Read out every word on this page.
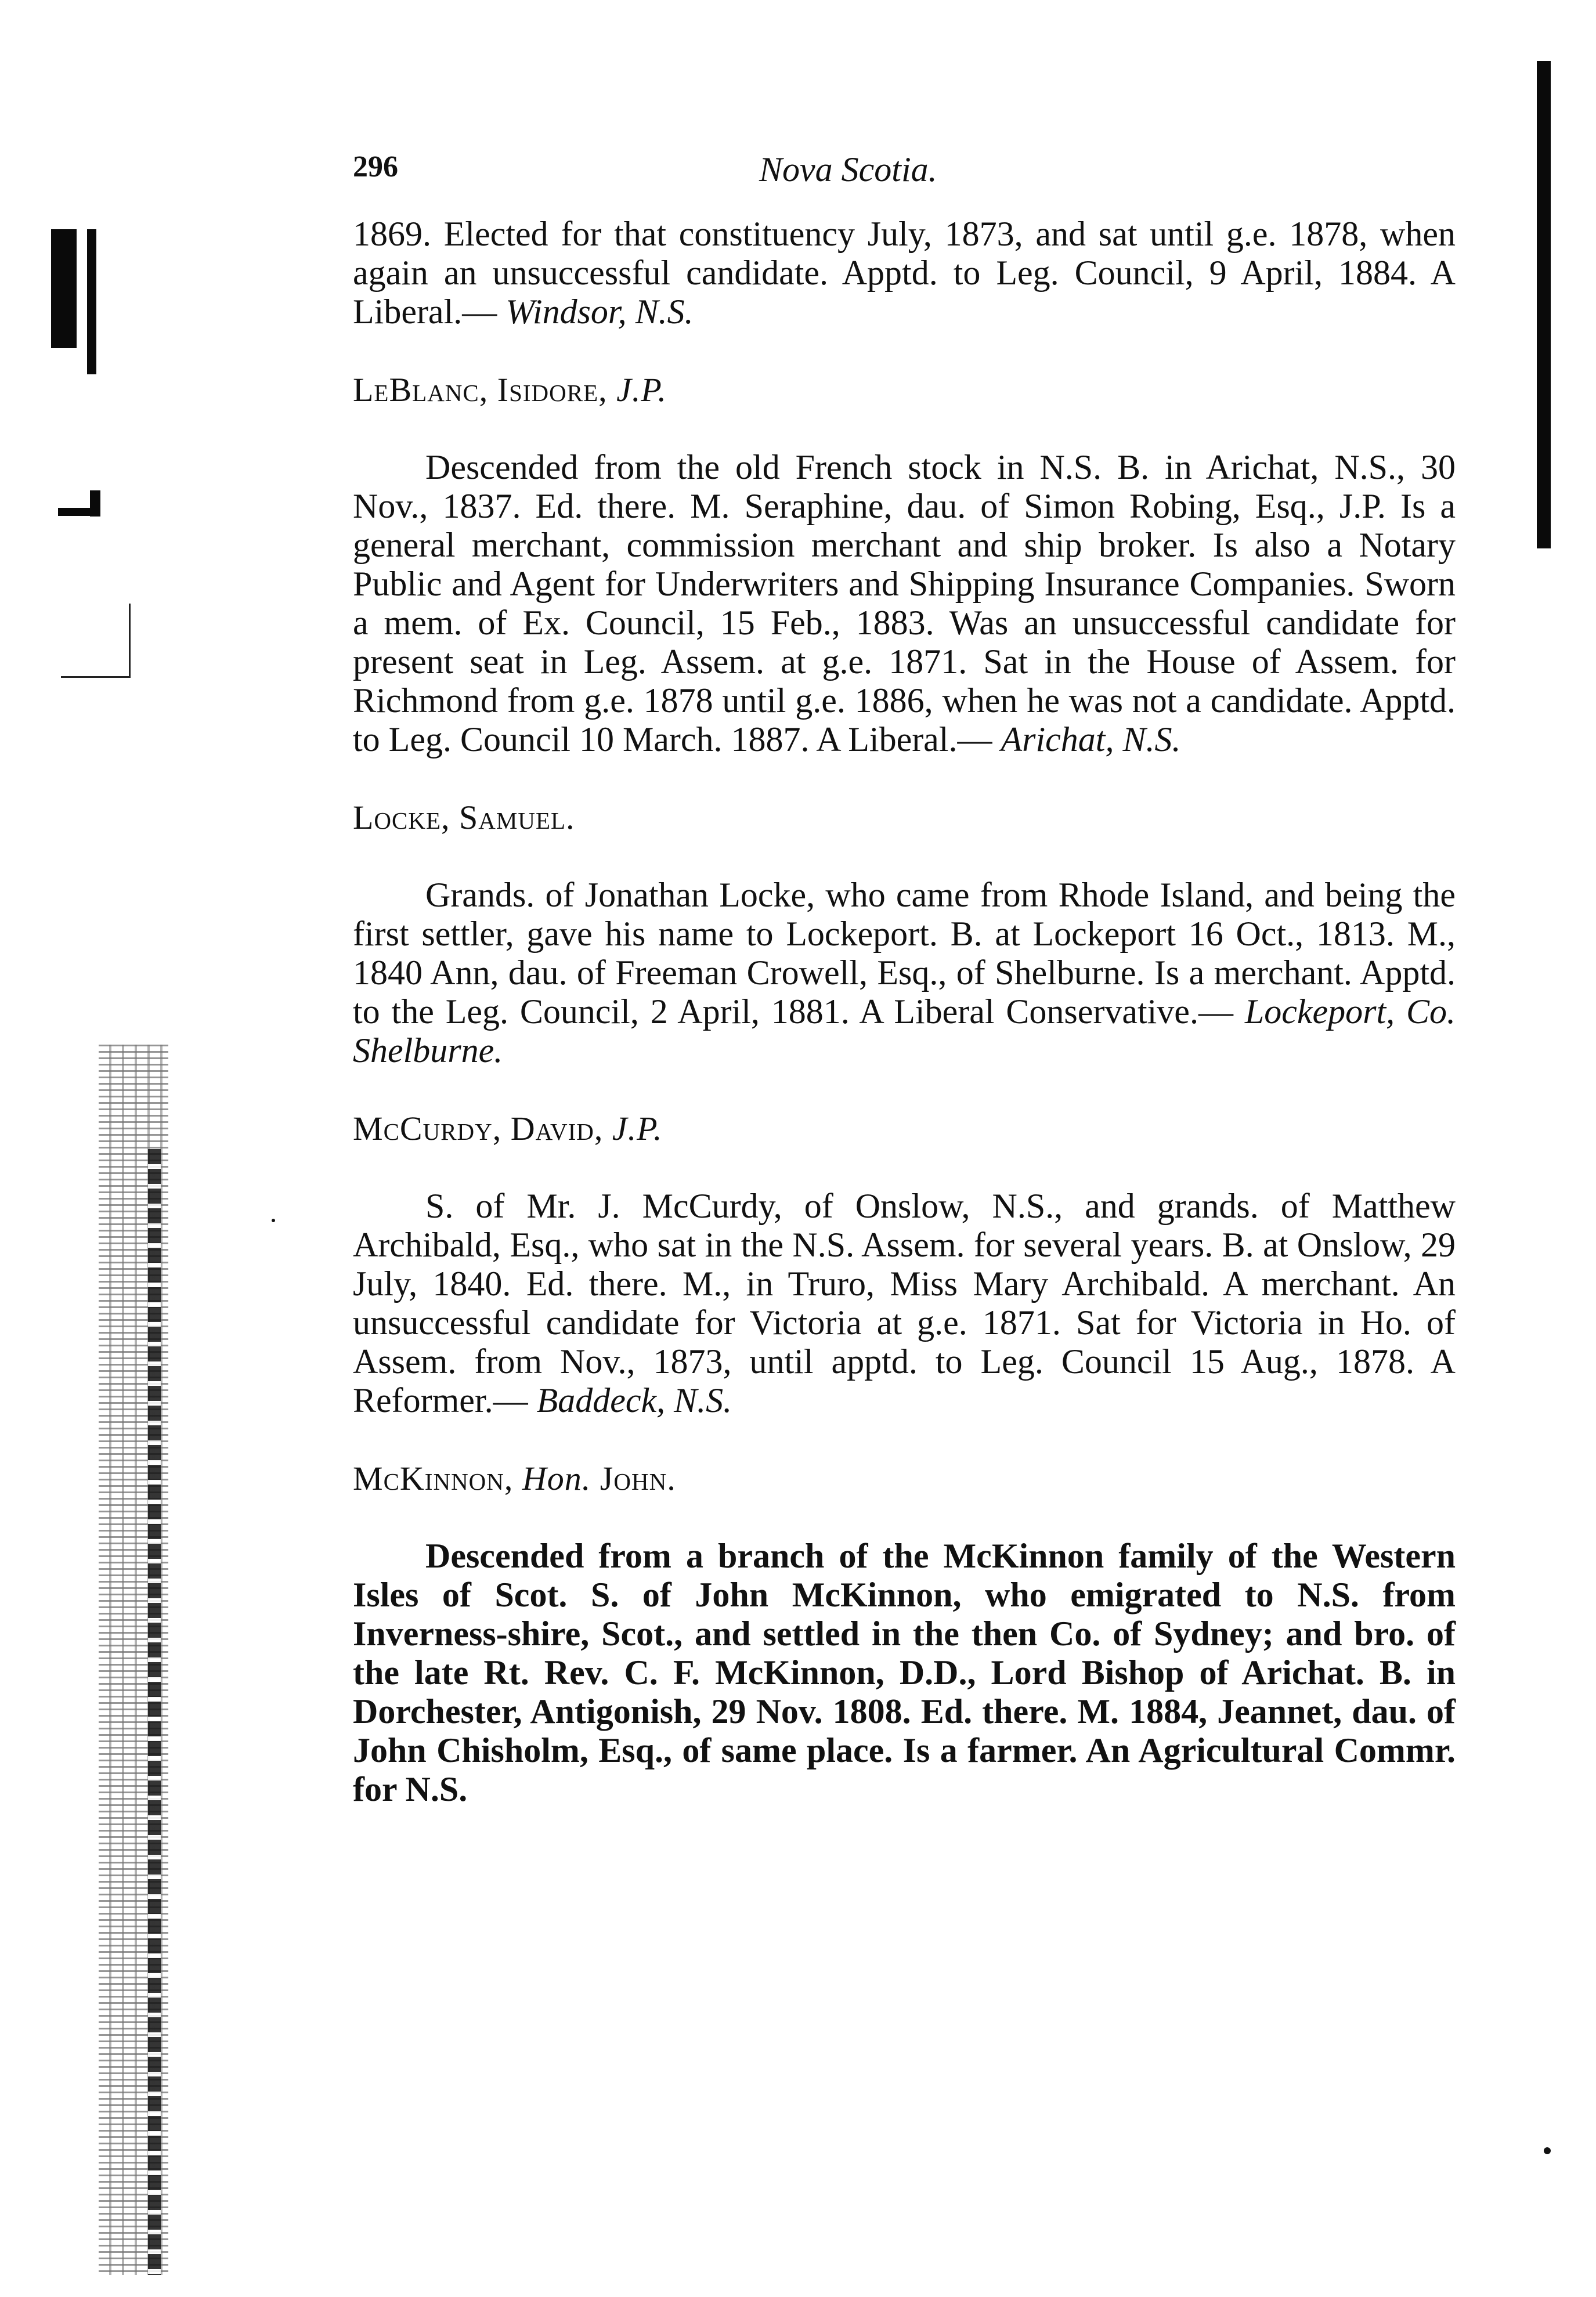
296	Nova Scotia.

1869. Elected for that constituency July, 1873, and sat until g.e. 1878, when again an unsuccessful candidate. Apptd. to Leg. Council, 9 April, 1884. A Liberal.— Windsor, N.S.

LeBlanc, Isidore, J.P.

Descended from the old French stock in N.S. B. in Arichat, N.S., 30 Nov., 1837. Ed. there. M. Seraphine, dau. of Simon Robing, Esq., J.P. Is a general merchant, commission merchant and ship broker. Is also a Notary Public and Agent for Underwriters and Shipping Insurance Companies. Sworn a mem. of Ex. Council, 15 Feb., 1883. Was an unsuccessful candidate for present seat in Leg. Assem. at g.e. 1871. Sat in the House of Assem. for Richmond from g.e. 1878 until g.e. 1886, when he was not a candidate. Apptd. to Leg. Council 10 March. 1887. A Liberal.— Arichat, N.S.

Locke, Samuel.

Grands. of Jonathan Locke, who came from Rhode Island, and being the first settler, gave his name to Lockeport. B. at Lockeport 16 Oct., 1813. M., 1840 Ann, dau. of Freeman Crowell, Esq., of Shelburne. Is a merchant. Apptd. to the Leg. Council, 2 April, 1881. A Liberal Conservative.— Lockeport, Co. Shelburne.

McCurdy, David, J.P.

S. of Mr. J. McCurdy, of Onslow, N.S., and grands. of Matthew Archibald, Esq., who sat in the N.S. Assem. for several years. B. at Onslow, 29 July, 1840. Ed. there. M., in Truro, Miss Mary Archibald. A merchant. An unsuccessful candidate for Victoria at g.e. 1871. Sat for Victoria in Ho. of Assem. from Nov., 1873, until apptd. to Leg. Council 15 Aug., 1878. A Reformer.— Baddeck, N.S.

McKinnon, Hon. John.

Descended from a branch of the McKinnon family of the Western Isles of Scot. S. of John McKinnon, who emigrated to N.S. from Inverness-shire, Scot., and settled in the then Co. of Sydney; and bro. of the late Rt. Rev. C. F. McKinnon, D.D., Lord Bishop of Arichat. B. in Dorchester, Antigonish, 29 Nov. 1808. Ed. there. M. 1884, Jeannet, dau. of John Chisholm, Esq., of same place. Is a farmer. An Agricultural Commr. for N.S.
